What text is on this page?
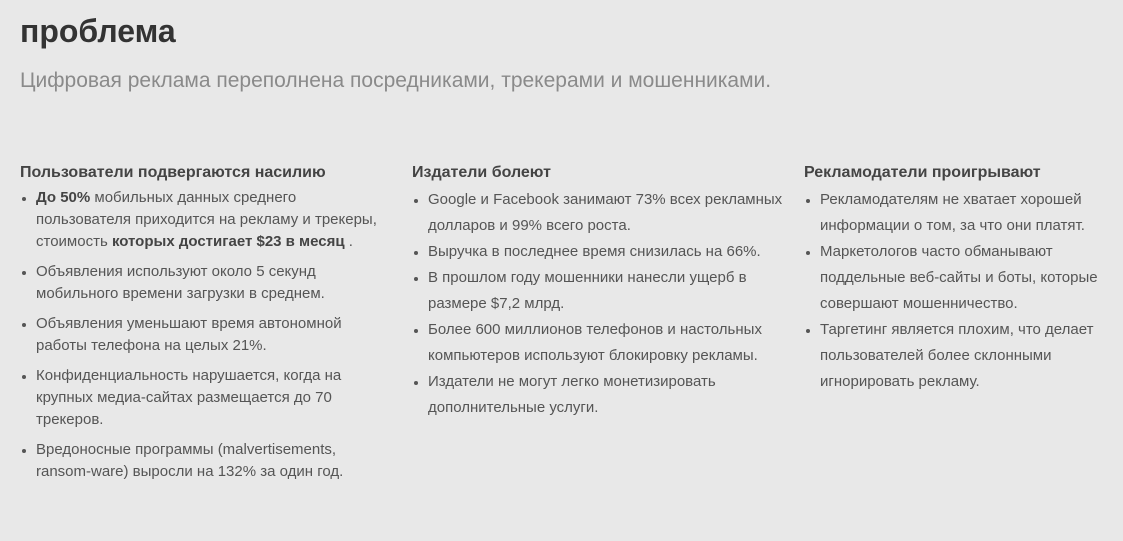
проблема

Цифровая реклама переполнена посредниками, трекерами и мошенниками.

Пользователи подвергаются насилию
До 50% мобильных данных среднего пользователя приходится на рекламу и трекеры, стоимость которых достигает $23 в месяц .
Объявления используют около 5 секунд мобильного времени загрузки в среднем.
Объявления уменьшают время автономной работы телефона на целых 21%.
Конфиденциальность нарушается, когда на крупных медиа-сайтах размещается до 70 трекеров.
Вредоносные программы (malvertisements, ransom-ware) выросли на 132% за один год.
Издатели болеют
Google и Facebook занимают 73% всех рекламных долларов и 99% всего роста.
Выручка в последнее время снизилась на 66%.
В прошлом году мошенники нанесли ущерб в размере $7,2 млрд.
Более 600 миллионов телефонов и настольных компьютеров используют блокировку рекламы.
Издатели не могут легко монетизировать дополнительные услуги.
Рекламодатели проигрывают
Рекламодателям не хватает хорошей информации о том, за что они платят.
Маркетологов часто обманывают поддельные веб-сайты и боты, которые совершают мошенничество.
Таргетинг является плохим, что делает пользователей более склонными игнорировать рекламу.
